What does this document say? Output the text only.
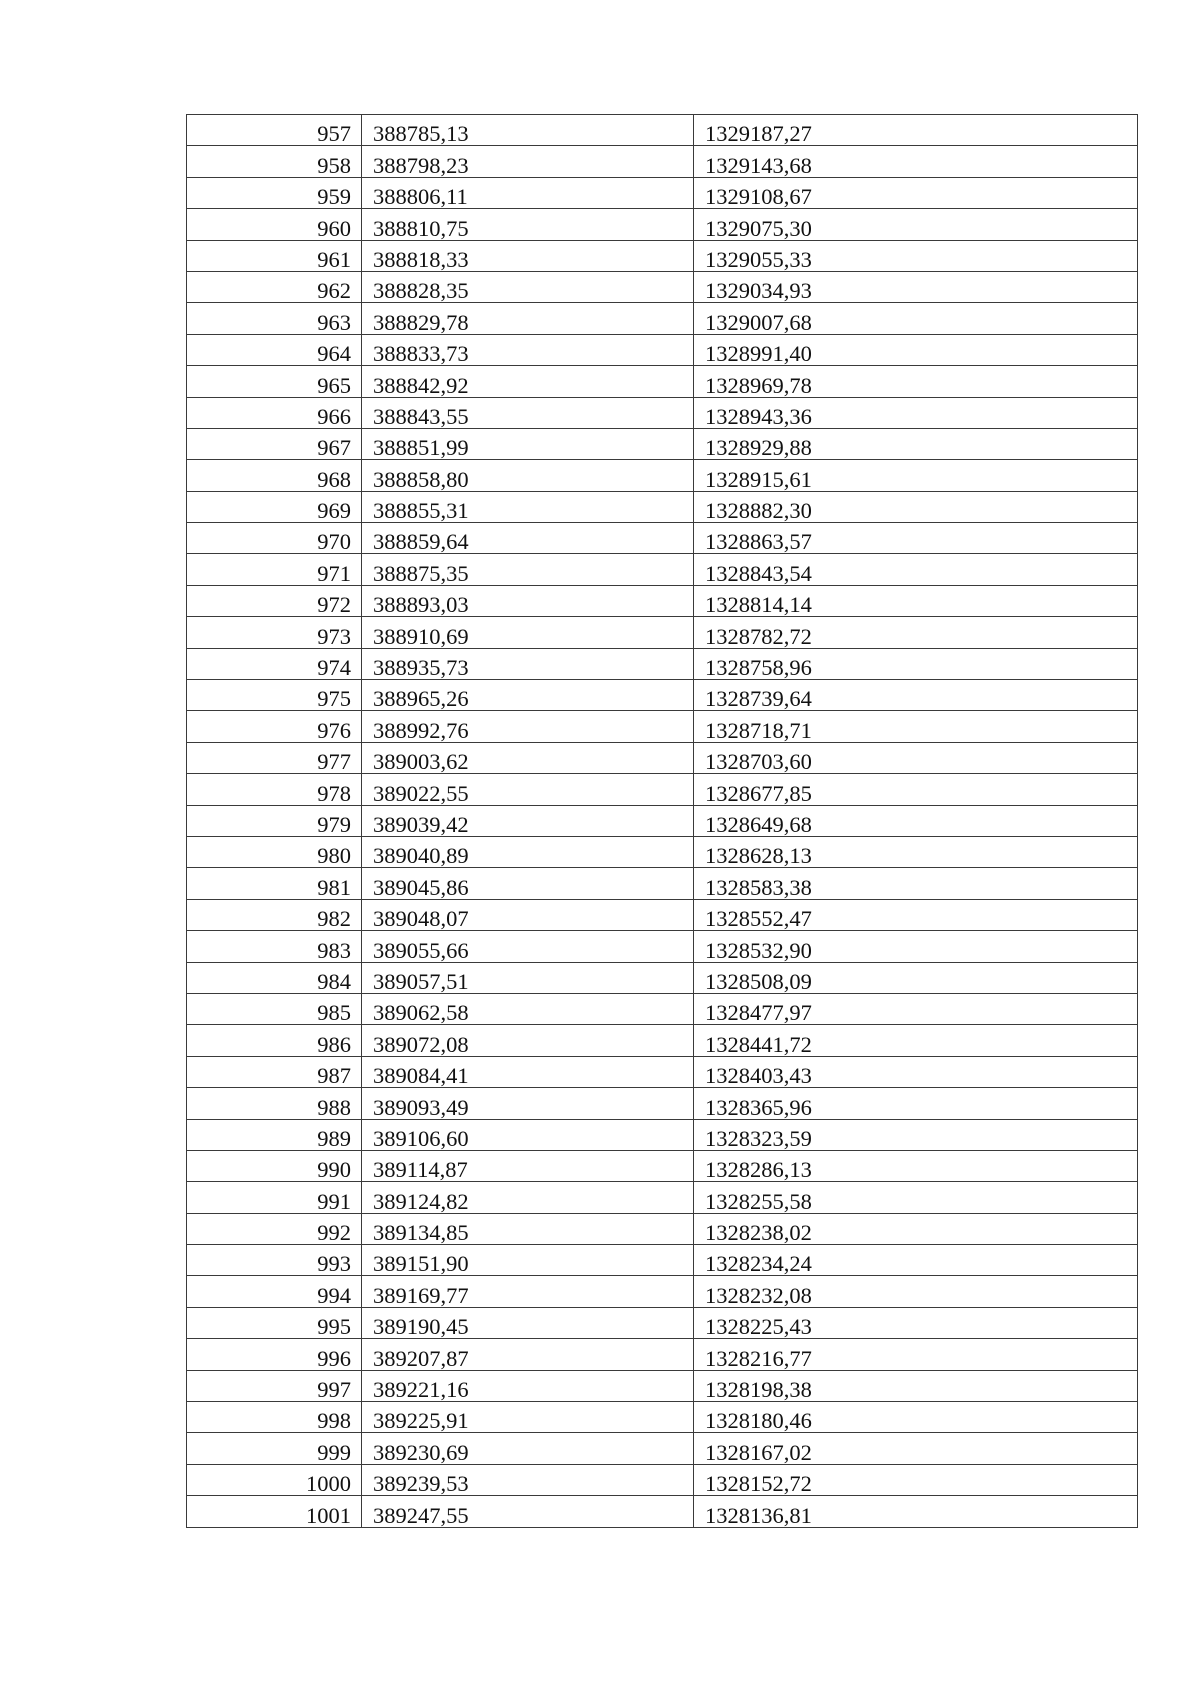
957	388785,13	1329187,27
958	388798,23	1329143,68
959	388806,11	1329108,67
960	388810,75	1329075,30
961	388818,33	1329055,33
962	388828,35	1329034,93
963	388829,78	1329007,68
964	388833,73	1328991,40
965	388842,92	1328969,78
966	388843,55	1328943,36
967	388851,99	1328929,88
968	388858,80	1328915,61
969	388855,31	1328882,30
970	388859,64	1328863,57
971	388875,35	1328843,54
972	388893,03	1328814,14
973	388910,69	1328782,72
974	388935,73	1328758,96
975	388965,26	1328739,64
976	388992,76	1328718,71
977	389003,62	1328703,60
978	389022,55	1328677,85
979	389039,42	1328649,68
980	389040,89	1328628,13
981	389045,86	1328583,38
982	389048,07	1328552,47
983	389055,66	1328532,90
984	389057,51	1328508,09
985	389062,58	1328477,97
986	389072,08	1328441,72
987	389084,41	1328403,43
988	389093,49	1328365,96
989	389106,60	1328323,59
990	389114,87	1328286,13
991	389124,82	1328255,58
992	389134,85	1328238,02
993	389151,90	1328234,24
994	389169,77	1328232,08
995	389190,45	1328225,43
996	389207,87	1328216,77
997	389221,16	1328198,38
998	389225,91	1328180,46
999	389230,69	1328167,02
1000	389239,53	1328152,72
1001	389247,55	1328136,81
